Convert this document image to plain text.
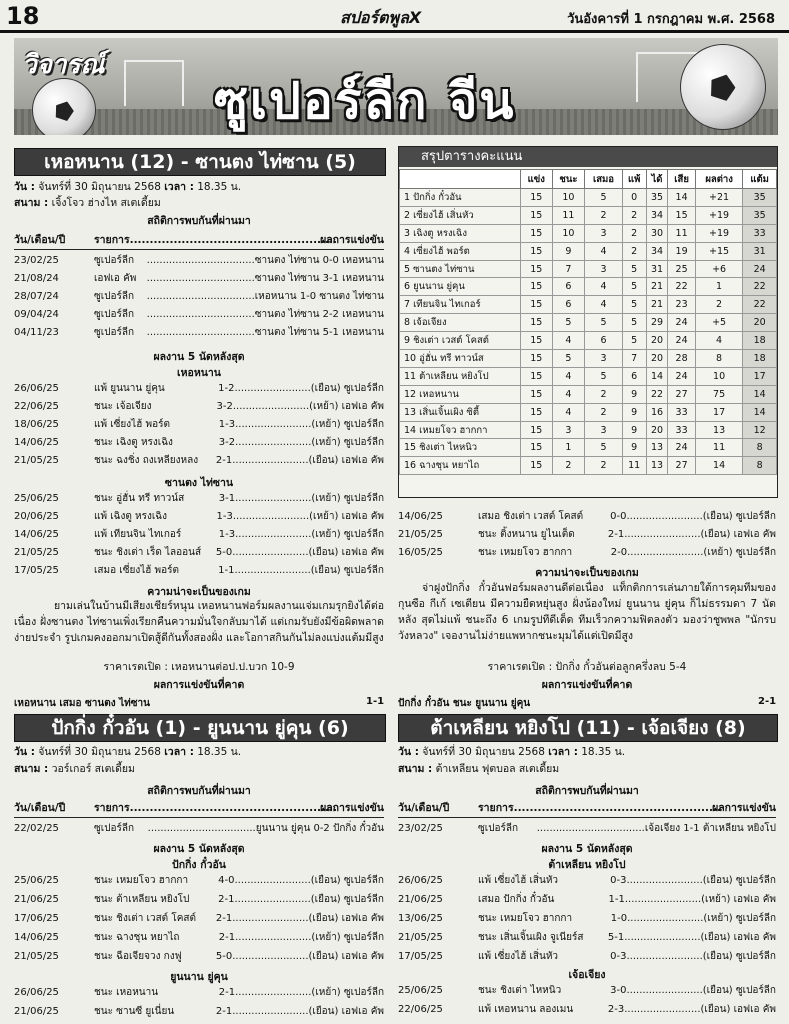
18	สปอร์ตพูลX	วันอังคารที่ 1 กรกฎาคม พ.ศ. 2568
วิจารณ์
ซูเปอร์ลีก จีน
เหอหนาน (12) - ซานตง ไท่ซาน (5)
วัน : จันทร์ที่ 30 มิถุนายน 2568 เวลา : 18.35 น.
สนาม : เจิ้งโจว ฮ่างไห สเตเดี้ยม
สถิติการพบกันที่ผ่านมา
วัน/เดือน/ปี	รายการ....................................................
ผลการแข่งขัน
23/02/25	ซูเปอร์ลีก ..................................ซานตง ไท่ซาน 0-0 เหอหนาน
21/08/24	เอฟเอ คัพ ..................................ซานตง ไท่ซาน 3-1 เหอหนาน
28/07/24	ซูเปอร์ลีก ..................................เหอหนาน 1-0 ซานตง ไท่ซาน
09/04/24	ซูเปอร์ลีก ..................................ซานตง ไท่ซาน 2-2 เหอหนาน
04/11/23	ซูเปอร์ลีก ..................................ซานตง ไท่ซาน 5-1 เหอหนาน
ผลงาน 5 นัดหลังสุด
เหอหนาน
26/06/25	แพ้ ยูนนาน ยู่คุน	1-2........................(เยือน) ซูเปอร์ลีก
22/06/25	ชนะ เจ้อเจียง	3-2........................(เหย้า) เอฟเอ คัพ
18/06/25	แพ้ เซี่ยงไฮ้ พอร์ต	1-3........................(เหย้า) ซูเปอร์ลีก
14/06/25	ชนะ เฉิงตู หรงเฉิง	3-2........................(เหย้า) ซูเปอร์ลีก
21/05/25	ชนะ ฉงชิ่ง ถงเหลียงหลง 2-1........................(เยือน) เอฟเอ คัพ
ซานตง ไท่ซาน
25/06/25	ชนะ อู่ฮั่น ทรี ทาวน์ส	3-1........................(เหย้า) ซูเปอร์ลีก
20/06/25	แพ้ เฉิงตู หรงเฉิง	1-3........................(เหย้า) เอฟเอ คัพ
14/06/25	แพ้ เทียนจิน ไทเกอร์	1-3........................(เหย้า) ซูเปอร์ลีก
21/05/25	ชนะ ชิงเต่า เร็ด ไลออนส์ 5-0........................(เยือน) เอฟเอ คัพ
17/05/25	เสมอ เซี่ยงไฮ้ พอร์ต	1-1........................(เยือน) ซูเปอร์ลีก
สรุปตารางคะแนน
	แข่ง	ชนะ	เสมอ	แพ้	ได้	เสีย	ผลต่าง	แต้ม
1 ปักกิ่ง กั๋วอัน	15	10	5	0	35	14	+21	35
2 เซี่ยงไฮ้ เสิ่นหัว	15	11	2	2	34	15	+19	35
3 เฉิงตู หรงเฉิง	15	10	3	2	30	11	+19	33
4 เซี่ยงไฮ้ พอร์ต	15	9	4	2	34	19	+15	31
5 ซานตง ไท่ซาน	15	7	3	5	31	25	+6	24
6 ยูนนาน ยู่คุน	15	6	4	5	21	22	1	22
7 เทียนจิน ไทเกอร์	15	6	4	5	21	23	2	22
8 เจ้อเจียง	15	5	5	5	29	24	+5	20
9 ชิงเต่า เวสต์ โคสต์	15	4	6	5	20	24	4	18
10 อู่ฮั่น ทรี ทาวน์ส	15	5	3	7	20	28	8	18
11 ต้าเหลียน หยิงโป	15	4	5	6	14	24	10	17
12 เหอหนาน	15	4	2	9	22	27	75	14
13 เสิ่นเจิ้นเผิง ซิตี้	15	4	2	9	16	33	17	14
14 เหมยโจว ฮากกา	15	3	3	9	20	33	13	12
15 ชิงเต่า ไหหนิว	15	1	5	9	13	24	11	8
16 ฉางชุน หยาไถ	15	2	2	11	13	27	14	8
14/06/25	เสมอ ชิงเต่า เวสต์ โคสต์	0-0........................(เยือน) ซูเปอร์ลีก
21/05/25	ชนะ ติ้งหนาน ยูไนเต็ด	2-1........................(เยือน) เอฟเอ คัพ
16/05/25	ชนะ เหมยโจว ฮากกา	2-0........................(เหย้า) ซูเปอร์ลีก
ความน่าจะเป็นของเกม
ยามเล่นในบ้านมีเสียงเชียร์หนุน เหอหนานฟอร์มผลงานแจ่มเกมรุกยิงได้ต่อเนื่อง ฝั่งซานตง ไท่ซานเพิ่งเรียกคืนความมั่นใจกลับมาได้ แต่เกมรับยังมีข้อผิดพลาดง่ายประจำ รูปเกมคงออกมาเปิดสู้ดีกันทั้งสองฝั่ง และโอกาสกินกันไม่ลงแบ่งแต้มมีสูง
ราคาเรตเปิด : เหอหนานต่อป.ป.บวก 10-9
ผลการแข่งขันที่คาด
เหอหนาน เสมอ ซานตง ไท่ซาน	1-1
ความน่าจะเป็นของเกม
จ่าฝูงปักกิ่ง กั๋วอันฟอร์มผลงานดีต่อเนื่อง แท็กติกการเล่นภายใต้การคุมทีมของ กุนซือ กีเก้ เซเตียน มีความยืดหยุ่นสูง ฝั่งน้องใหม่ ยูนนาน ยู่คุน ก็ไม่ธรรมดา 7 นัดหลัง สุดไม่แพ้ ชนะถึง 6 เกมรูปทีดีเด็ด ทีมเร็วกความฟิตลงตัว มองว่าชูพพล "นักรบวังหลวง" เจองานไม่ง่ายแพหากชนะมุมได้แต่เปิดมีสูง
ราคาเรตเปิด : ปักกิ่ง กั๋วอันต่อลูกครึ่งลบ 5-4
ผลการแข่งขันที่คาด
ปักกิ่ง กั๋วอัน ชนะ ยูนนาน ยู่คุน	2-1
ปักกิ่ง กั๋วอัน (1) - ยูนนาน ยู่คุน (6)
วัน : จันทร์ที่ 30 มิถุนายน 2568 เวลา : 18.35 น.
สนาม : วอร์เกอร์ สเตเดี้ยม
สถิติการพบกันที่ผ่านมา
วัน/เดือน/ปี	รายการ....................................................
ผลการแข่งขัน
22/02/25	ซูเปอร์ลีก ..................................ยูนนาน ยู่คุน 0-2 ปักกิ่ง กั๋วอัน
ผลงาน 5 นัดหลังสุด
ปักกิ่ง กั๋วอัน
25/06/25	ชนะ เหมยโจว ฮากกา	4-0........................(เยือน) ซูเปอร์ลีก
21/06/25	ชนะ ต้าเหลียน หยิงโป	2-1........................(เยือน) ซูเปอร์ลีก
17/06/25	ชนะ ชิงเต่า เวสต์ โคสต์ 2-1........................(เยือน) เอฟเอ คัพ
14/06/25	ชนะ ฉางชุน หยาไถ	2-1........................(เหย้า) ซูเปอร์ลีก
21/05/25	ชนะ ฉือเจียจวง กงฟู	5-0........................(เยือน) เอฟเอ คัพ
ยูนนาน ยู่คุน
26/06/25	ชนะ เหอหนาน	2-1........................(เหย้า) ซูเปอร์ลีก
21/06/25	ชนะ ซานซี ยูเนี่ยน	2-1........................(เยือน) เอฟเอ คัพ
ต้าเหลียน หยิงโป (11) - เจ้อเจียง (8)
วัน : จันทร์ที่ 30 มิถุนายน 2568 เวลา : 18.35 น.
สนาม : ต้าเหลียน ฟุตบอล สเตเดี้ยม
สถิติการพบกันที่ผ่านมา
วัน/เดือน/ปี	รายการ....................................................
ผลการแข่งขัน
23/02/25	ซูเปอร์ลีก ..................................เจ้อเจียง 1-1 ต้าเหลียน หยิงโป
ผลงาน 5 นัดหลังสุด
ต้าเหลียน หยิงโป
26/06/25	แพ้ เซี่ยงไฮ้ เสิ่นหัว	0-3........................(เยือน) ซูเปอร์ลีก
21/06/25	เสมอ ปักกิ่ง กั๋วอัน	1-1........................(เหย้า) เอฟเอ คัพ
13/06/25	ชนะ เหมยโจว ฮากกา	1-0........................(เหย้า) ซูเปอร์ลีก
21/05/25	ชนะ เสิ่นเจิ้นเผิง จูเนียร์ส 5-1........................(เยือน) เอฟเอ คัพ
17/05/25	แพ้ เซี่ยงไฮ้ เสิ่นหัว	0-3........................(เยือน) ซูเปอร์ลีก
เจ้อเจียง
25/06/25	ชนะ ชิงเต่า ไหหนิว	3-0........................(เยือน) ซูเปอร์ลีก
22/06/25	แพ้ เหอหนาน ลองเมน	2-3........................(เยือน) เอฟเอ คัพ
